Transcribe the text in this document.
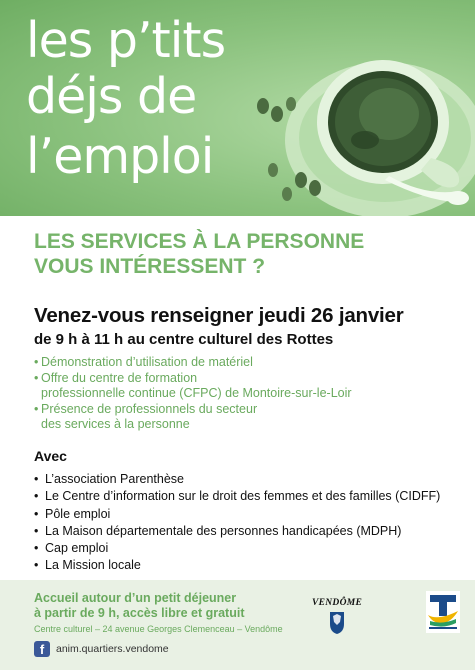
les p’tits
déjs de
l’emploi
LES SERVICES À LA PERSONNE
VOUS INTÉRESSENT ?
Venez-vous renseigner jeudi 26 janvier
de 9 h à 11 h au centre culturel des Rottes
• Démonstration d’utilisation de matériel
• Offre du centre de formation
professionnelle continue (CFPC) de Montoire-sur-le-Loir
• Présence de professionnels du secteur
des services à la personne
Avec
• L’association Parenthèse
• Le Centre d’information sur le droit des femmes et des familles (CIDFF)
• Pôle emploi
• La Maison départementale des personnes handicapées (MDPH)
• Cap emploi
• La Mission locale
Accueil autour d’un petit déjeuner
à partir de 9 h, accès libre et gratuit
Centre culturel – 24 avenue Georges Clemenceau – Vendôme
f	anim.quartiers.vendome
VENDÔME
